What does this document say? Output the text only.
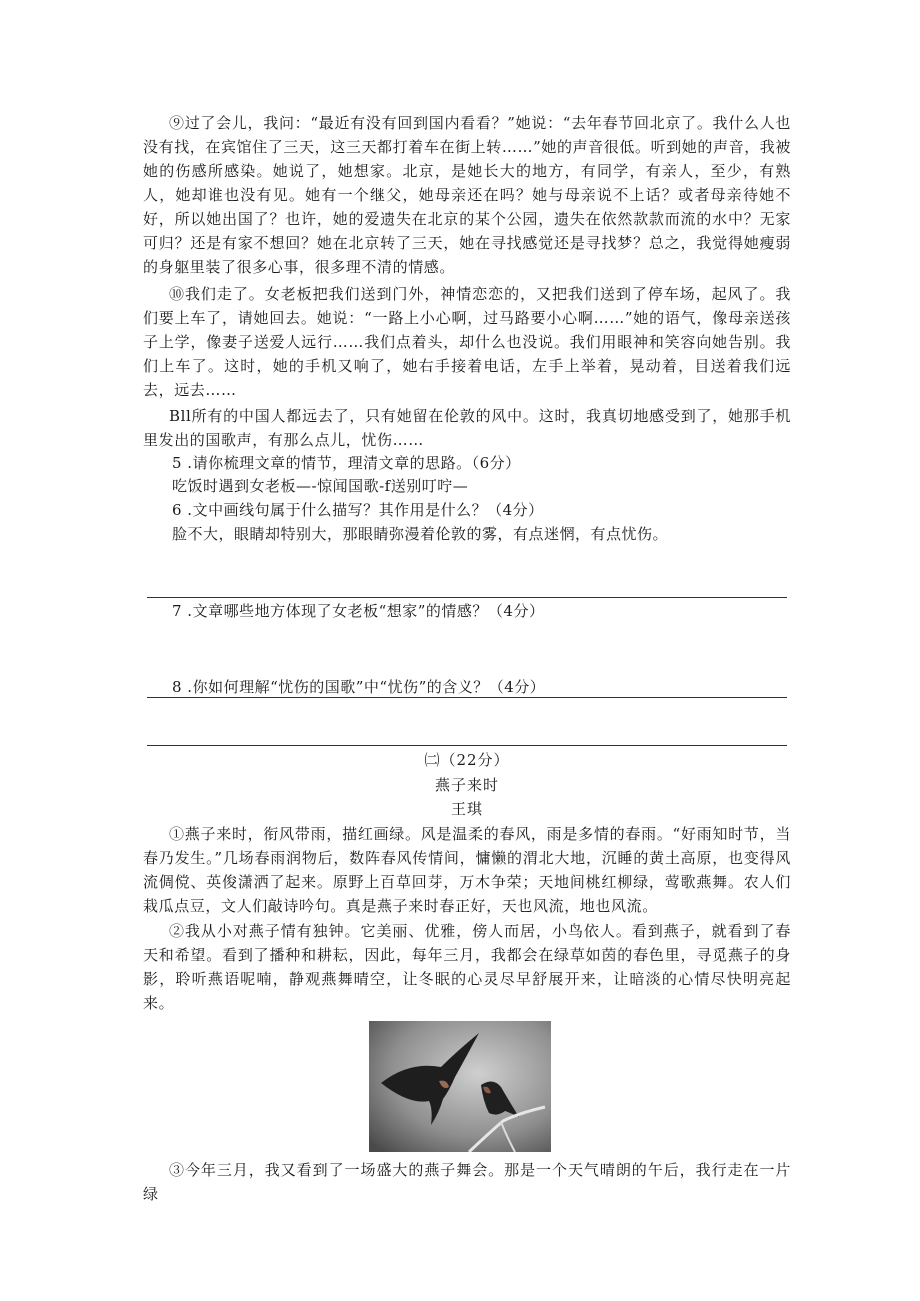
⑨过了会儿，我问：“最近有没有回到国内看看？”她说：“去年春节回北京了。我什么人也没有找，在宾馆住了三天，这三天都打着车在街上转……”她的声音很低。听到她的声音，我被她的伤感所感染。她说了，她想家。北京，是她长大的地方，有同学，有亲人，至少，有熟人，她却谁也没有见。她有一个继父，她母亲还在吗？她与母亲说不上话？或者母亲待她不好，所以她出国了？也许，她的爱遗失在北京的某个公园，遗失在依然款款而流的水中？无家可归？还是有家不想回？她在北京转了三天，她在寻找感觉还是寻找梦？总之，我觉得她瘦弱的身躯里装了很多心事，很多理不清的情感。
⑩我们走了。女老板把我们送到门外，神情恋恋的，又把我们送到了停车场，起风了。我们要上车了，请她回去。她说：“一路上小心啊，过马路要小心啊……”她的语气，像母亲送孩子上学，像妻子送爱人远行……我们点着头，却什么也没说。我们用眼神和笑容向她告别。我们上车了。这时，她的手机又响了，她右手接着电话，左手上举着，晃动着，目送着我们远去，远去……
Bll所有的中国人都远去了，只有她留在伦敦的风中。这时，我真切地感受到了，她那手机里发出的国歌声，有那么点儿，忧伤……
5 .请你梳理文章的情节，理清文章的思路。（6分）
吃饭时遇到女老板—-惊闻国歌-f送别叮咛—
6 .文中画线句属于什么描写？其作用是什么？（4分）
脸不大，眼睛却特别大，那眼睛弥漫着伦敦的雾，有点迷惘，有点忧伤。
7 .文章哪些地方体现了女老板“想家”的情感？（4分）
8 .你如何理解“忧伤的国歌”中“忧伤”的含义？（4分）
㈡（22分）
燕子来时
王琪
①燕子来时，衔风带雨，描红画绿。风是温柔的春风，雨是多情的春雨。“好雨知时节，当春乃发生。”几场春雨润物后，数阵春风传情间，慵懒的渭北大地，沉睡的黄土高原，也变得风流倜傥、英俊潇洒了起来。原野上百草回芽，万木争荣；天地间桃红柳绿，莺歌燕舞。农人们栽瓜点豆，文人们敲诗吟句。真是燕子来时春正好，天也风流，地也风流。
②我从小对燕子情有独钟。它美丽、优雅，傍人而居，小鸟依人。看到燕子，就看到了春天和希望。看到了播种和耕耘，因此，每年三月，我都会在绿草如茵的春色里，寻觅燕子的身影，聆听燕语呢喃，静观燕舞晴空，让冬眠的心灵尽早舒展开来，让暗淡的心情尽快明亮起来。
③今年三月，我又看到了一场盛大的燕子舞会。那是一个天气晴朗的午后，我行走在一片绿
